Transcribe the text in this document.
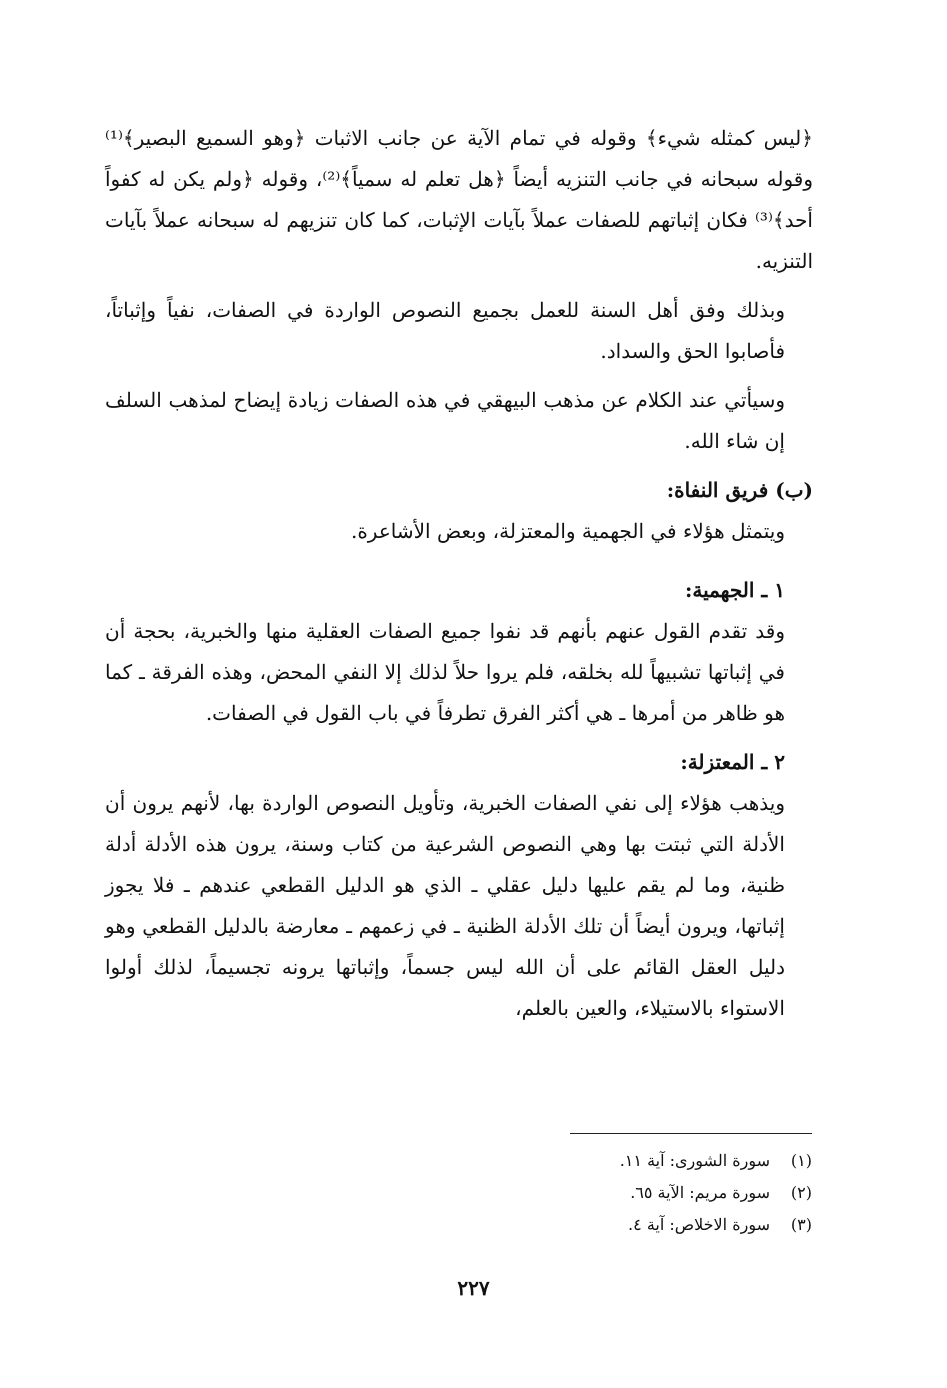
﴿ليس كمثله شيء﴾ وقوله في تمام الآية عن جانب الاثبات ﴿وهو السميع البصير﴾⁽¹⁾ وقوله سبحانه في جانب التنزيه أيضاً ﴿هل تعلم له سمياً﴾⁽²⁾، وقوله ﴿ولم يكن له كفواً أحد﴾⁽³⁾ فكان إثباتهم للصفات عملاً بآيات الإثبات، كما كان تنزيهم له سبحانه عملاً بآيات التنزيه.

وبذلك وفق أهل السنة للعمل بجميع النصوص الواردة في الصفات، نفياً وإثباتاً، فأصابوا الحق والسداد.

وسيأتي عند الكلام عن مذهب البيهقي في هذه الصفات زيادة إيضاح لمذهب السلف إن شاء الله.

(ب) فريق النفاة:

ويتمثل هؤلاء في الجهمية والمعتزلة، وبعض الأشاعرة.

١ ـ الجهمية:

وقد تقدم القول عنهم بأنهم قد نفوا جميع الصفات العقلية منها والخبرية، بحجة أن في إثباتها تشبيهاً لله بخلقه، فلم يروا حلاً لذلك إلا النفي المحض، وهذه الفرقة ـ كما هو ظاهر من أمرها ـ هي أكثر الفرق تطرفاً في باب القول في الصفات.

٢ ـ المعتزلة:

ويذهب هؤلاء إلى نفي الصفات الخبرية، وتأويل النصوص الواردة بها، لأنهم يرون أن الأدلة التي ثبتت بها وهي النصوص الشرعية من كتاب وسنة، يرون هذه الأدلة أدلة ظنية، وما لم يقم عليها دليل عقلي ـ الذي هو الدليل القطعي عندهم ـ فلا يجوز إثباتها، ويرون أيضاً أن تلك الأدلة الظنية ـ في زعمهم ـ معارضة بالدليل القطعي وهو دليل العقل القائم على أن الله ليس جسماً، وإثباتها يرونه تجسيماً، لذلك أولوا الاستواء بالاستيلاء، والعين بالعلم،

(١)
سورة الشورى: آية ١١.
(٢)
سورة مريم: الآية ٦٥.
(٣)
سورة الاخلاص: آية ٤.
٢٢٧
